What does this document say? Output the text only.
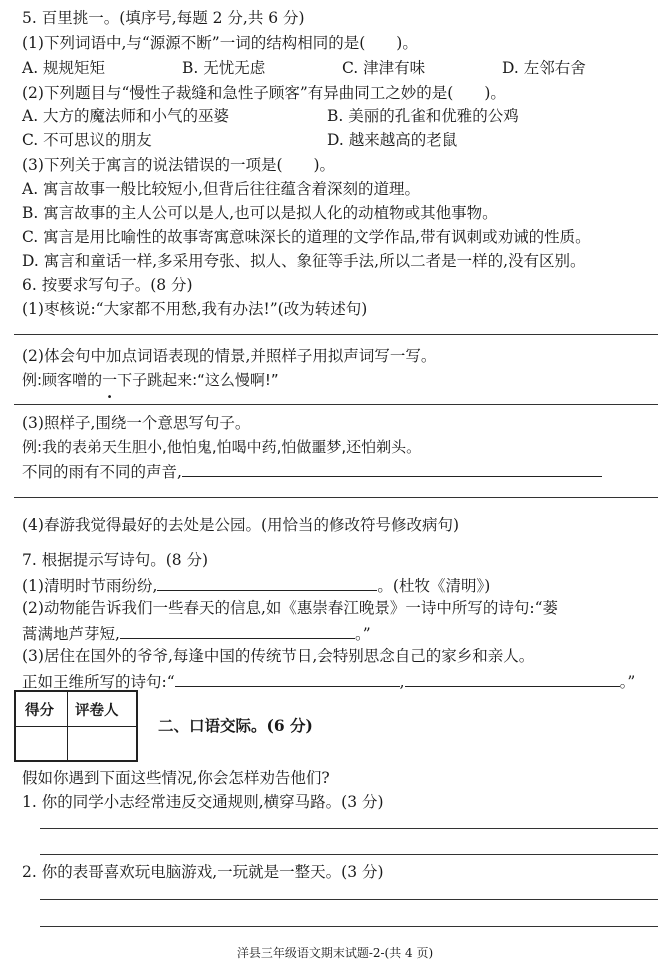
5. 百里挑一。(填序号,每题 2 分,共 6 分)
(1)下列词语中,与“源源不断”一词的结构相同的是(　　)。
A. 规规矩矩	B. 无忧无虑	C. 津津有味	D. 左邻右舍
(2)下列题目与“慢性子裁缝和急性子顾客”有异曲同工之妙的是(　　)。
A. 大方的魔法师和小气的巫婆	B. 美丽的孔雀和优雅的公鸡
C. 不可思议的朋友	D. 越来越高的老鼠
(3)下列关于寓言的说法错误的一项是(　　)。
A. 寓言故事一般比较短小,但背后往往蕴含着深刻的道理。
B. 寓言故事的主人公可以是人,也可以是拟人化的动植物或其他事物。
C. 寓言是用比喻性的故事寄寓意味深长的道理的文学作品,带有讽刺或劝诫的性质。
D. 寓言和童话一样,多采用夸张、拟人、象征等手法,所以二者是一样的,没有区别。
6. 按要求写句子。(8 分)
(1)枣核说:“大家都不用愁,我有办法!”(改为转述句)
(2)体会句中加点词语表现的情景,并照样子用拟声词写一写。
例:顾客噌的一下子 •跳起来:“这么慢啊!”
(3)照样子,围绕一个意思写句子。
例:我的表弟天生胆小,他怕鬼,怕喝中药,怕做噩梦,还怕剃头。
不同的雨有不同的声音,
(4)春游我觉得最好的去处是公园。(用恰当的修改符号修改病句)
7. 根据提示写诗句。(8 分)
(1)清明时节雨纷纷,	。(杜牧《清明》)
(2)动物能告诉我们一些春天的信息,如《惠崇春江晚景》一诗中所写的诗句:“蒌
蒿满地芦芽短,	。”
(3)居住在国外的爷爷,每逢中国的传统节日,会特别思念自己的家乡和亲人。
正如王维所写的诗句:“	,	。”
得分 评卷人
二、口语交际。(6 分)
假如你遇到下面这些情况,你会怎样劝告他们?
1. 你的同学小志经常违反交通规则,横穿马路。(3 分)
2. 你的表哥喜欢玩电脑游戏,一玩就是一整天。(3 分)
洋县三年级语文期末试题-2-(共 4 页)
